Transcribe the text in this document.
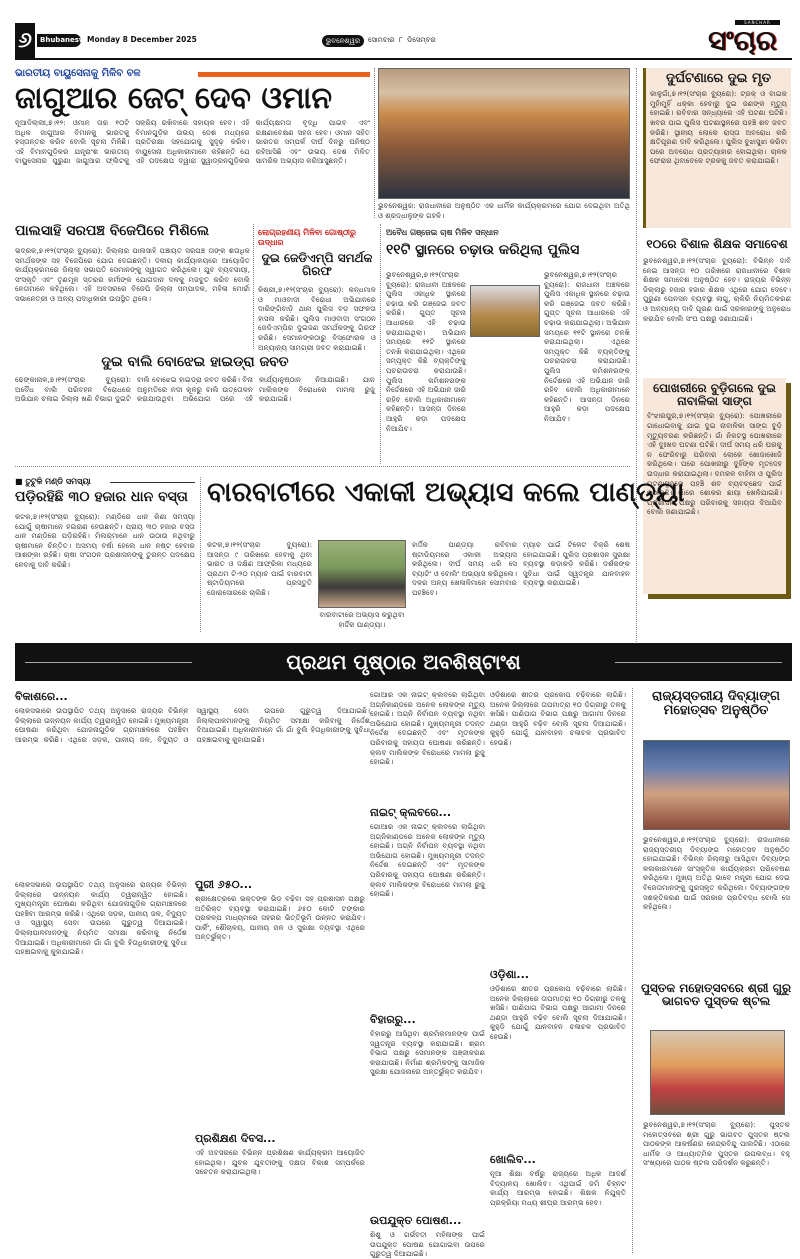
୬	Bhubaneswar
Monday 8 December 2025	ଭୁବନେଶ୍ୱର	ସୋମବାର ୮ ଡିସେମ୍ବର
SANCHAR
ସଂଚାର
ଭାରତୀୟ ବାୟୁସେନାକୁ ମିଳିବ ବଳ
ଜାଗୁଆର ଜେଟ୍ ଦେବ ଓମାନ
ନୂଆଦିଲ୍ଲୀ,୭।୧୨: ଓମାନ ତାର ୧୦ଟି ଅଧିକ ଜାଗୁଆର ବିମାନକୁ ଭାରତକୁ ହସ୍ତାନ୍ତର କରିବ ବୋଲି ସୂଚନା ମିଳିଛି। ଏହି ବିମାନଗୁଡ଼ିକର ଯନ୍ତ୍ରାଂଶ ଭାରତୀୟ ବାୟୁସେନାର ପୁରୁଣା ଜାଗୁଆର ଫ୍ଲିଟକୁ ସକ୍ରିୟ ରଖିବାରେ ସହାୟକ ହେବ। ଏହି ବିମାନଗୁଡ଼ିକ ଉଭୟ ଦେଶ ମଧ୍ୟରେ ପ୍ରତିରକ୍ଷା ସହଯୋଗକୁ ସୁଦୃଢ଼ କରିବ। ବାୟୁସେନା ଅଧିକାରୀମାନେ କହିଛନ୍ତି ଯେ ଏହି ପଦକ୍ଷେପ ଦ୍ୱାରା ସ୍କ୍ୱାଡ୍ରନଗୁଡ଼ିକର କାର୍ଯ୍ୟକ୍ଷମତା ବୃଦ୍ଧି ପାଇବ ଏବଂ ରକ୍ଷଣାବେକ୍ଷଣ ସହଜ ହେବ। ଓମାନ ସହିତ ଭାରତର ସମ୍ପର୍କ ଦୀର୍ଘ ଦିନରୁ ଘନିଷ୍ଠ ରହିଆସିଛି ଏବଂ ଉଭୟ ଦେଶ ମିଳିତ ସାମରିକ ଅଭ୍ୟାସ କରିଆସୁଛନ୍ତି।
ଭୁବନେଶ୍ୱର: ରାଜଧାନୀରେ ଅନୁଷ୍ଠିତ ଏକ ଧାର୍ମିକ କାର୍ଯ୍ୟକ୍ରମରେ ଯୋଗ ଦେଇଥିବା ଅତିଥି ଓ ଶ୍ରଦ୍ଧାଳୁଙ୍କ ଗହଳି।
ଦୁର୍ଘଟଣାରେ ଦୁଇ ମୃତ
କାଳୁଗାଁ,୭।୧୨(ସଂଚାର ବ୍ୟୁରୋ): ଟ୍ରକ୍ ଓ ବାଇକ ମୁହାଁମୁହିଁ ଧକ୍କା ହେବାରୁ ଦୁଇ ଜଣଙ୍କ ମୃତ୍ୟୁ ହୋଇଛି। ରବିବାର ସନ୍ଧ୍ୟାରେ ଏହି ଘଟଣା ଘଟିଛି। ଖବର ପାଇ ପୁଲିସ ଘଟଣାସ୍ଥଳରେ ପହଞ୍ଚି ଶବ ଜବତ କରିଛି। ସ୍ଥାନୀୟ ଲୋକେ ରାସ୍ତା ଅବରୋଧ କରି କ୍ଷତିପୂରଣ ଦାବି କରିଥିଲେ। ପୁଲିସ ବୁଝାସୁଝା କରିବା ପରେ ଅବରୋଧ ପ୍ରତ୍ୟାହାର ହୋଇଥିଲା। ଚାଳକ ଫେରାର ଥିବାବେଳେ ଟ୍ରକକୁ ଜବତ କରାଯାଇଛି।
ପାଲସାହି ସରପଞ୍ଚ ବିଜେପିରେ ମିଶିଲେ
ଭଦ୍ରକ,୭।୧୨(ସଂଚାର ବ୍ୟୁରୋ): ଜିଲ୍ଲାର ପାଲସାହି ପଞ୍ଚାୟତ ସରପଞ୍ଚ ତାଙ୍କ ଶତାଧିକ ସମର୍ଥକଙ୍କ ସହ ବିଜେପିରେ ଯୋଗ ଦେଇଛନ୍ତି। ଦଳୀୟ କାର୍ଯ୍ୟାଳୟରେ ଆୟୋଜିତ କାର୍ଯ୍ୟକ୍ରମରେ ଜିଲ୍ଲା ସଭାପତି ସେମାନଙ୍କୁ ସ୍ୱାଗତ କରିଥିଲେ। ଯୁବ ବ୍ୟବସାୟୀ, ସଂସ୍କୃତି ଏବଂ ତୃଣମୂଳ ସ୍ତରର କର୍ମୀଙ୍କ ଯୋଗଦାନ ଦଳକୁ ମଜବୁତ କରିବ ବୋଲି ନେତାମାନେ କହିଥିଲେ। ଏହି ଅବସରରେ ବିଜେପି ଜିଲ୍ଲା ସମ୍ପାଦକ, ମହିଳା ମୋର୍ଚ୍ଚା ସଭାନେତ୍ରୀ ଓ ଅନ୍ୟ ପଦାଧିକାରୀ ଉପସ୍ଥିତ ଥିଲେ।
ଲୋଗ୍ରହଣୀୟ ମିଳିବା ଗୋଷ୍ଠୀରୁ ଉଦ୍ଧାର
ଦୁଇ ଜେଡିଏମ୍‌ପି ସମର୍ଥକ ଗିରଫ
କିଶ୍ରୀ,୭।୧୨(ସଂଚାର ବ୍ୟୁରୋ): କନ୍ଧମାଳ ଓ ମାଓବାଦୀ ବିରୋଧୀ ଅଭିଯାନରେ ଦାରିଙ୍ଗିବାଡ଼ି ଥାନା ପୁଲିସ ବଡ଼ ସଫଳତା ହାସଲ କରିଛି। ପୁଲିସ ମାଓବାଦୀ ସଂଗଠନ ଜେଡିଏମ୍‌ପିର ଦୁଇଜଣ ସମର୍ଥକଙ୍କୁ ଗିରଫ କରିଛି। ସେମାନଙ୍କଠାରୁ ବିସ୍ଫୋରକ ଓ ଅନ୍ୟାନ୍ୟ ସାମଗ୍ରୀ ଜବତ କରାଯାଇଛି।
ଅବୈଧ ଗଞ୍ଜେଇ ଚାଷ ମିଳିବ ସନ୍ଧାନ
୧୧ଟି ସ୍ଥାନରେ ଚଢ଼ାଉ କରିଥିଲା ପୁଲିସ
ଭୁବନେଶ୍ୱର,୭।୧୨(ସଂଚାର ବ୍ୟୁରୋ): ରାଜଧାନୀ ଅଞ୍ଚଳରେ ପୁଲିସ ଏକାଧିକ ସ୍ଥାନରେ ଚଢ଼ାଉ କରି ଗଞ୍ଜେଇ ଜବତ କରିଛି। ଗୁପ୍ତ ସୂଚନା ଆଧାରରେ ଏହି ଚଢ଼ାଉ କରାଯାଇଥିଲା। ଅଭିଯାନ ସମୟରେ ୧୧ଟି ସ୍ଥାନରେ ତନଖି କରାଯାଇଥିଲା। ଏଥିରେ ସମ୍ପୃକ୍ତ କିଛି ବ୍ୟକ୍ତିଙ୍କୁ ପଚରାଉଚରା କରାଯାଉଛି। ପୁଲିସ କମିଶନରଙ୍କ ନିର୍ଦ୍ଦେଶରେ ଏହି ଅଭିଯାନ ଜାରି ରହିବ ବୋଲି ଅଧିକାରୀମାନେ କହିଛନ୍ତି। ଆସନ୍ତା ଦିନରେ ଆହୁରି କଡ଼ା ପଦକ୍ଷେପ ନିଆଯିବ।
ଭୁବନେଶ୍ୱର,୭।୧୨(ସଂଚାର ବ୍ୟୁରୋ): ରାଜଧାନୀ ଅଞ୍ଚଳରେ ପୁଲିସ ଏକାଧିକ ସ୍ଥାନରେ ଚଢ଼ାଉ କରି ଗଞ୍ଜେଇ ଜବତ କରିଛି। ଗୁପ୍ତ ସୂଚନା ଆଧାରରେ ଏହି ଚଢ଼ାଉ କରାଯାଇଥିଲା। ଅଭିଯାନ ସମୟରେ ୧୧ଟି ସ୍ଥାନରେ ତନଖି କରାଯାଇଥିଲା। ଏଥିରେ ସମ୍ପୃକ୍ତ କିଛି ବ୍ୟକ୍ତିଙ୍କୁ ପଚରାଉଚରା କରାଯାଉଛି। ପୁଲିସ କମିଶନରଙ୍କ ନିର୍ଦ୍ଦେଶରେ ଏହି ଅଭିଯାନ ଜାରି ରହିବ ବୋଲି ଅଧିକାରୀମାନେ କହିଛନ୍ତି। ଆସନ୍ତା ଦିନରେ ଆହୁରି କଡ଼ା ପଦକ୍ଷେପ ନିଆଯିବ।
୧୦ରେ ବିଶାଳ ଶିକ୍ଷକ ସମାବେଶ
ଭୁବନେଶ୍ୱର,୭।୧୨(ସଂଚାର ବ୍ୟୁରୋ): ବିଭିନ୍ନ ଦାବି ନେଇ ଆସନ୍ତା ୧୦ ତାରିଖରେ ରାଜଧାନୀରେ ବିଶାଳ ଶିକ୍ଷକ ସମାବେଶ ଅନୁଷ୍ଠିତ ହେବ। ରାଜ୍ୟର ବିଭିନ୍ନ ଜିଲ୍ଲାରୁ ହଜାର ହଜାର ଶିକ୍ଷକ ଏଥିରେ ଯୋଗ ଦେବେ। ପୁରୁଣା ପେନସନ ବ୍ୟବସ୍ଥା ଲାଗୁ, ଚାକିରି ନିୟମିତକରଣ ଓ ଅନ୍ୟାନ୍ୟ ଦାବି ପୂରଣ ପାଇଁ ସରକାରଙ୍କୁ ଅନୁରୋଧ କରାଯିବ ବୋଲି ସଂଘ ପକ୍ଷରୁ ଜଣାଯାଇଛି।
ପୋଖରୀରେ ବୁଡ଼ିଗଲେ ଦୁଇ ନାବାଳିକା ସାଙ୍ଗ
ବିଂଝାରପୁର,୭।୧୨(ସଂଚାର ବ୍ୟୁରୋ): ପୋଖରୀରେ ଗାଧୋଇବାକୁ ଯାଇ ଦୁଇ ନାବାଳିକା ସାଙ୍ଗ ବୁଡ଼ି ମୃତ୍ୟୁବରଣ କରିଛନ୍ତି। ଗାଁ ନିକଟସ୍ଥ ପୋଖରୀରେ ଏହି ଦୁଃଖଦ ଘଟଣା ଘଟିଛି। ଦୀର୍ଘ ସମୟ ଧରି ଘରକୁ ନ ଫେରିବାରୁ ପରିବାର ଲୋକେ ଖୋଜାଖୋଜି କରିଥିଲେ। ପରେ ପୋଖରୀରୁ ଦୁହିଁଙ୍କ ମୃତଦେହ ଉଦ୍ଧାର କରାଯାଇଥିଲା। ଦମକଳ ବାହିନୀ ଓ ପୁଲିସ ଘଟଣାସ୍ଥଳରେ ପହଞ୍ଚି ଶବ ବ୍ୟବଚ୍ଛେଦ ପାଇଁ ପଠାଇଛି। ଗାଁରେ ଶୋକର ଛାୟା ଖେଳିଯାଇଛି। ପ୍ରଶାସନ ପକ୍ଷରୁ ପରିବାରକୁ ସହାୟତା ଦିଆଯିବ ବୋଲି ଜଣାଯାଇଛି।
ଦୁଇ ବାଲି ବୋଝେଇ ହାଇଡ୍ରା ଜବତ
ଢେଙ୍କାନାଳ,୭।୧୨(ସଂଚାର ବ୍ୟୁରୋ): ଅବୈଧ ବାଲି ପରିବହନ ବିରୋଧରେ ଅଭିଯାନ ଚଳାଇ ଜିଲ୍ଲା ଖଣି ବିଭାଗ ଦୁଇଟି ବାଲି ବୋଝେଇ ହାଇଡ୍ରା ଜବତ କରିଛି। ବିନା ଅନୁମତିରେ ନଦୀ କୂଳରୁ ବାଲି ଉତ୍ତୋଳନ କରାଯାଉଥିବା ଅଭିଯୋଗ ପରେ ଏହି କାର୍ଯ୍ୟାନୁଷ୍ଠାନ ନିଆଯାଇଛି। ଯାନ ମାଲିକଙ୍କ ବିରୋଧରେ ମାମଲା ରୁଜୁ କରାଯାଇଛି।
■ ତୁଟୁଳି ମଣ୍ଡି ସମସ୍ୟା
ପଡ଼ିରହିଛି ୩୦ ହଜାର ଧାନ ବସ୍ତା
କଟକ,୭।୧୨(ସଂଚାର ବ୍ୟୁରୋ): ମଣ୍ଡିରେ ଧାନ କିଣା ସମସ୍ୟା ଯୋଗୁଁ ଚାଷୀମାନେ ହଇରାଣ ହେଉଛନ୍ତି। ପ୍ରାୟ ୩୦ ହଜାର ବସ୍ତା ଧାନ ମଣ୍ଡିରେ ପଡ଼ିରହିଛି। ମିଲର୍‌ମାନେ ଧାନ ଉଠାଉ ନଥିବାରୁ ଚାଷୀମାନେ ଚିନ୍ତିତ। ଅସମୟ ବର୍ଷା ହେଲେ ଧାନ ନଷ୍ଟ ହେବାର ଆଶଙ୍କା ରହିଛି। ଚାଷୀ ସଂଗଠନ ପ୍ରଶାସନଙ୍କୁ ତୁରନ୍ତ ପଦକ୍ଷେପ ନେବାକୁ ଦାବି କରିଛି।
ବାରବାଟୀରେ ଏକାକୀ ଅଭ୍ୟାସ କଲେ ପାଣ୍ଡ୍ୟା
କଟକ,୭।୧୨(ସଂଚାର ବ୍ୟୁରୋ): ଆସନ୍ତା ୯ ତାରିଖରେ ହେବାକୁ ଥିବା ଭାରତ ଓ ଦକ୍ଷିଣ ଆଫ୍ରିକା ମଧ୍ୟରେ ପ୍ରଥମ ଟି-୨୦ ମ୍ୟାଚ ପାଇଁ ବାରବାଟୀ ଷ୍ଟାଡିୟମରେ ପ୍ରସ୍ତୁତି ଜୋରସୋରରେ ଚାଲିଛି।
ବାରବାଟୀରେ ଅଭ୍ୟାସ କରୁଥିବା ହାର୍ଦ୍ଦିକ ପାଣ୍ଡ୍ୟା।
ହାର୍ଦ୍ଦିକ ପାଣ୍ଡ୍ୟା ରବିବାର ଷ୍ଟାଡିୟମରେ ଏକାକୀ ଅଭ୍ୟାସ କରିଥିଲେ। ଦୀର୍ଘ ସମୟ ଧରି ସେ ବ୍ୟାଟିଂ ଓ ବୋଲିଂ ଅଭ୍ୟାସ କରିଥିଲେ। ଦଳର ଅନ୍ୟ ଖେଳାଳିମାନେ ସୋମବାର ପହଞ୍ଚିବେ।
ମ୍ୟାଚ ପାଇଁ ଟିକେଟ ବିକ୍ରି ଶେଷ ହୋଇଯାଇଛି। ପୁଲିସ ପ୍ରଶାସନ ସୁରକ୍ଷା ବ୍ୟବସ୍ଥା କଡ଼ାକଡ଼ି କରିଛି। ଦର୍ଶକଙ୍କ ସୁବିଧା ପାଇଁ ସ୍ୱତନ୍ତ୍ର ଯାନବାହନ ବ୍ୟବସ୍ଥା କରାଯାଇଛି।
ପ୍ରଥମ ପୃଷ୍ଠାର ଅବଶିଷ୍ଟାଂଶ
ବିକାଶରେ...
ଲୋକସଭାରେ ଉପସ୍ଥାପିତ ତଥ୍ୟ ଅନୁସାରେ ରାଜ୍ୟର ବିଭିନ୍ନ ଜିଲ୍ଲାରେ ଉନ୍ନୟନ କାର୍ଯ୍ୟ ତ୍ୱରାନ୍ୱିତ ହୋଇଛି। ମୁଖ୍ୟମନ୍ତ୍ରୀ ଘୋଷଣା କରିଥିବା ଯୋଜନାଗୁଡ଼ିକ ଗ୍ରାମାଞ୍ଚଳରେ ପହଞ୍ଚିବା ଆରମ୍ଭ କରିଛି। ଏଥିରେ ସଡ଼କ, ପାନୀୟ ଜଳ, ବିଦ୍ୟୁତ ଓ ସ୍ୱାସ୍ଥ୍ୟ ସେବା ଉପରେ ଗୁରୁତ୍ୱ ଦିଆଯାଇଛି। ଜିଲ୍ଲାପାଳମାନଙ୍କୁ ନିୟମିତ ସମୀକ୍ଷା କରିବାକୁ ନିର୍ଦ୍ଦେଶ ଦିଆଯାଇଛି। ଅଧିକାରୀମାନେ ଗାଁ ଗାଁ ବୁଲି ହିତାଧିକାରୀଙ୍କୁ ସୁବିଧା ପହଞ୍ଚାଇବାକୁ କୁହାଯାଇଛି।
ପୁରୀ ୬୫୦...
ଶ୍ରୀକ୍ଷେତ୍ରରେ ଭକ୍ତଙ୍କ ଭିଡ଼ ବଢ଼ିବା ସହ ପ୍ରଶାସନ ପକ୍ଷରୁ ଅତିରିକ୍ତ ବ୍ୟବସ୍ଥା କରାଯାଇଛି। ୬୫୦ କୋଟି ଟଙ୍କାର ପ୍ରକଳ୍ପ ମାଧ୍ୟମରେ ସହରର ଭିତ୍ତିଭୂମି ଉନ୍ନତ କରାଯିବ। ପାର୍କିଂ, ଶୌଚାଳୟ, ପାନୀୟ ଜଳ ଓ ସୁରକ୍ଷା ବ୍ୟବସ୍ଥା ଏଥିରେ ଅନ୍ତର୍ଭୁକ୍ତ।
ଲୋକସଭାରେ ଉପସ୍ଥାପିତ ତଥ୍ୟ ଅନୁସାରେ ରାଜ୍ୟର ବିଭିନ୍ନ ଜିଲ୍ଲାରେ ଉନ୍ନୟନ କାର୍ଯ୍ୟ ତ୍ୱରାନ୍ୱିତ ହୋଇଛି। ମୁଖ୍ୟମନ୍ତ୍ରୀ ଘୋଷଣା କରିଥିବା ଯୋଜନାଗୁଡ଼ିକ ଗ୍ରାମାଞ୍ଚଳରେ ପହଞ୍ଚିବା ଆରମ୍ଭ କରିଛି। ଏଥିରେ ସଡ଼କ, ପାନୀୟ ଜଳ, ବିଦ୍ୟୁତ ଓ ସ୍ୱାସ୍ଥ୍ୟ ସେବା ଉପରେ ଗୁରୁତ୍ୱ ଦିଆଯାଇଛି। ଜିଲ୍ଲାପାଳମାନଙ୍କୁ ନିୟମିତ ସମୀକ୍ଷା କରିବାକୁ ନିର୍ଦ୍ଦେଶ ଦିଆଯାଇଛି। ଅଧିକାରୀମାନେ ଗାଁ ଗାଁ ବୁଲି ହିତାଧିକାରୀଙ୍କୁ ସୁବିଧା ପହଞ୍ଚାଇବାକୁ କୁହାଯାଇଛି।
ପ୍ରଶିକ୍ଷଣ ଦିବସ...
ଏହି ଅବସରରେ ବିଭିନ୍ନ ପ୍ରଶିକ୍ଷଣ କାର୍ଯ୍ୟକ୍ରମ ଆୟୋଜିତ ହୋଇଥିଲା। ଯୁବକ ଯୁବତୀଙ୍କୁ ଦକ୍ଷତା ବିକାଶ ସମ୍ପର୍କରେ ସଚେତନ କରାଯାଇଥିଲା।
ଗୋଆର ଏକ ନାଇଟ୍ କ୍ଲବରେ ଲାଗିଥିବା ଅଗ୍ନିକାଣ୍ଡରେ ଅନେକ ଲୋକଙ୍କ ମୃତ୍ୟୁ ହୋଇଛି। ଅଗ୍ନି ନିର୍ବାପନ ବ୍ୟବସ୍ଥା ନଥିବା ଅଭିଯୋଗ ହୋଇଛି। ମୁଖ୍ୟମନ୍ତ୍ରୀ ତଦନ୍ତ ନିର୍ଦ୍ଦେଶ ଦେଇଛନ୍ତି ଏବଂ ମୃତକଙ୍କ ପରିବାରକୁ ସହାୟତା ଘୋଷଣା କରିଛନ୍ତି। କ୍ଲବ ମାଲିକଙ୍କ ବିରୋଧରେ ମାମଲା ରୁଜୁ ହୋଇଛି।
ନାଇଟ୍ କ୍ଲବରେ...
ଗୋଆର ଏକ ନାଇଟ୍ କ୍ଲବରେ ଲାଗିଥିବା ଅଗ୍ନିକାଣ୍ଡରେ ଅନେକ ଲୋକଙ୍କ ମୃତ୍ୟୁ ହୋଇଛି। ଅଗ୍ନି ନିର୍ବାପନ ବ୍ୟବସ୍ଥା ନଥିବା ଅଭିଯୋଗ ହୋଇଛି। ମୁଖ୍ୟମନ୍ତ୍ରୀ ତଦନ୍ତ ନିର୍ଦ୍ଦେଶ ଦେଇଛନ୍ତି ଏବଂ ମୃତକଙ୍କ ପରିବାରକୁ ସହାୟତା ଘୋଷଣା କରିଛନ୍ତି। କ୍ଲବ ମାଲିକଙ୍କ ବିରୋଧରେ ମାମଲା ରୁଜୁ ହୋଇଛି।
ବିହାରରୁ...
ବିହାରରୁ ଆସିଥିବା ଶ୍ରମିକମାନଙ୍କ ପାଇଁ ସ୍ୱତନ୍ତ୍ର ବ୍ୟବସ୍ଥା କରାଯାଇଛି। ଶ୍ରମ ବିଭାଗ ପକ୍ଷରୁ ସେମାନଙ୍କ ପଞ୍ଜୀକରଣ କରାଯାଉଛି। ନିର୍ମାଣ ଶ୍ରମିକଙ୍କୁ ସାମାଜିକ ସୁରକ୍ଷା ଯୋଜନାରେ ଅନ୍ତର୍ଭୁକ୍ତ କରାଯିବ।
ଉପଯୁକ୍ତ ପୋଷଣ...
ଶିଶୁ ଓ ଗର୍ଭବତୀ ମହିଳାଙ୍କ ପାଇଁ ଉପଯୁକ୍ତ ପୋଷଣ ଯୋଗାଇବା ଉପରେ ଗୁରୁତ୍ୱ ଦିଆଯାଇଛି।
ଓଡ଼ିଶାରେ ଶୀତର ପ୍ରକୋପ ବଢ଼ିବାରେ ଲାଗିଛି। ଅନେକ ଜିଲ୍ଲାରେ ତାପମାତ୍ରା ୧୦ ଡିଗ୍ରୀରୁ ତଳକୁ ଖସିଛି। ପାଣିପାଗ ବିଭାଗ ପକ୍ଷରୁ ଆଗାମୀ ଦିନରେ ଥଣ୍ଡା ଆହୁରି ବଢ଼ିବ ବୋଲି ସୂଚନା ଦିଆଯାଇଛି। କୁହୁଡ଼ି ଯୋଗୁଁ ଯାନବାହନ ଚଳାଚଳ ପ୍ରଭାବିତ ହେଉଛି।
ଓଡ଼ିଶା...
ଓଡ଼ିଶାରେ ଶୀତର ପ୍ରକୋପ ବଢ଼ିବାରେ ଲାଗିଛି। ଅନେକ ଜିଲ୍ଲାରେ ତାପମାତ୍ରା ୧୦ ଡିଗ୍ରୀରୁ ତଳକୁ ଖସିଛି। ପାଣିପାଗ ବିଭାଗ ପକ୍ଷରୁ ଆଗାମୀ ଦିନରେ ଥଣ୍ଡା ଆହୁରି ବଢ଼ିବ ବୋଲି ସୂଚନା ଦିଆଯାଇଛି। କୁହୁଡ଼ି ଯୋଗୁଁ ଯାନବାହନ ଚଳାଚଳ ପ୍ରଭାବିତ ହେଉଛି।
ଖୋଲିବ...
ନୂଆ ଶିକ୍ଷା ବର୍ଷରୁ ରାଜ୍ୟରେ ଅଧିକ ଆଦର୍ଶ ବିଦ୍ୟାଳୟ ଖୋଲିବ। ଏଥିପାଇଁ ଜମି ଚିହ୍ନଟ କାର୍ଯ୍ୟ ଆରମ୍ଭ ହୋଇଛି। ଶିକ୍ଷକ ନିଯୁକ୍ତି ପ୍ରକ୍ରିୟା ମଧ୍ୟ ଶୀଘ୍ର ଆରମ୍ଭ ହେବ।
ରାଜ୍ୟସ୍ତରୀୟ ଦିବ୍ୟାଙ୍ଗ ମହୋତ୍ସବ ଅନୁଷ୍ଠିତ
ଭୁବନେଶ୍ୱର,୭।୧୨(ସଂଚାର ବ୍ୟୁରୋ): ରାଜଧାନୀରେ ରାଜ୍ୟସ୍ତରୀୟ ଦିବ୍ୟାଙ୍ଗ ମହୋତ୍ସବ ଅନୁଷ୍ଠିତ ହୋଇଯାଇଛି। ବିଭିନ୍ନ ଜିଲ୍ଲାରୁ ଆସିଥିବା ଦିବ୍ୟାଙ୍ଗ କଳାକାରମାନେ ସାଂସ୍କୃତିକ କାର୍ଯ୍ୟକ୍ରମ ପରିବେଷଣ କରିଥିଲେ। ମୁଖ୍ୟ ଅତିଥି ଭାବେ ମନ୍ତ୍ରୀ ଯୋଗ ଦେଇ ବିଜେତାମାନଙ୍କୁ ପୁରସ୍କୃତ କରିଥିଲେ। ଦିବ୍ୟାଙ୍ଗଙ୍କ ସଶକ୍ତିକରଣ ପାଇଁ ସରକାର ପ୍ରତିବଦ୍ଧ ବୋଲି ସେ କହିଥିଲେ।
ପୁସ୍ତକ ମହୋତ୍ସବରେ ଶ୍ରୀ ଗୁରୁ ଭାଗବତ ପୁସ୍ତକ ଷ୍ଟଲ
ଭୁବନେଶ୍ୱର,୭।୧୨(ସଂଚାର ବ୍ୟୁରୋ): ପୁସ୍ତକ ମହୋତ୍ସବରେ ଶ୍ରୀ ଗୁରୁ ଭାଗବତ ପୁସ୍ତକ ଷ୍ଟଲ ପାଠକଙ୍କ ଆକର୍ଷଣର କେନ୍ଦ୍ରବିନ୍ଦୁ ପାଲଟିଛି। ଏଠାରେ ଧାର୍ମିକ ଓ ଆଧ୍ୟାତ୍ମିକ ପୁସ୍ତକ ଉପଲବ୍ଧ। ବହୁ ସଂଖ୍ୟାରେ ପାଠକ ଷ୍ଟଲ ପରିଦର୍ଶନ କରୁଛନ୍ତି।
